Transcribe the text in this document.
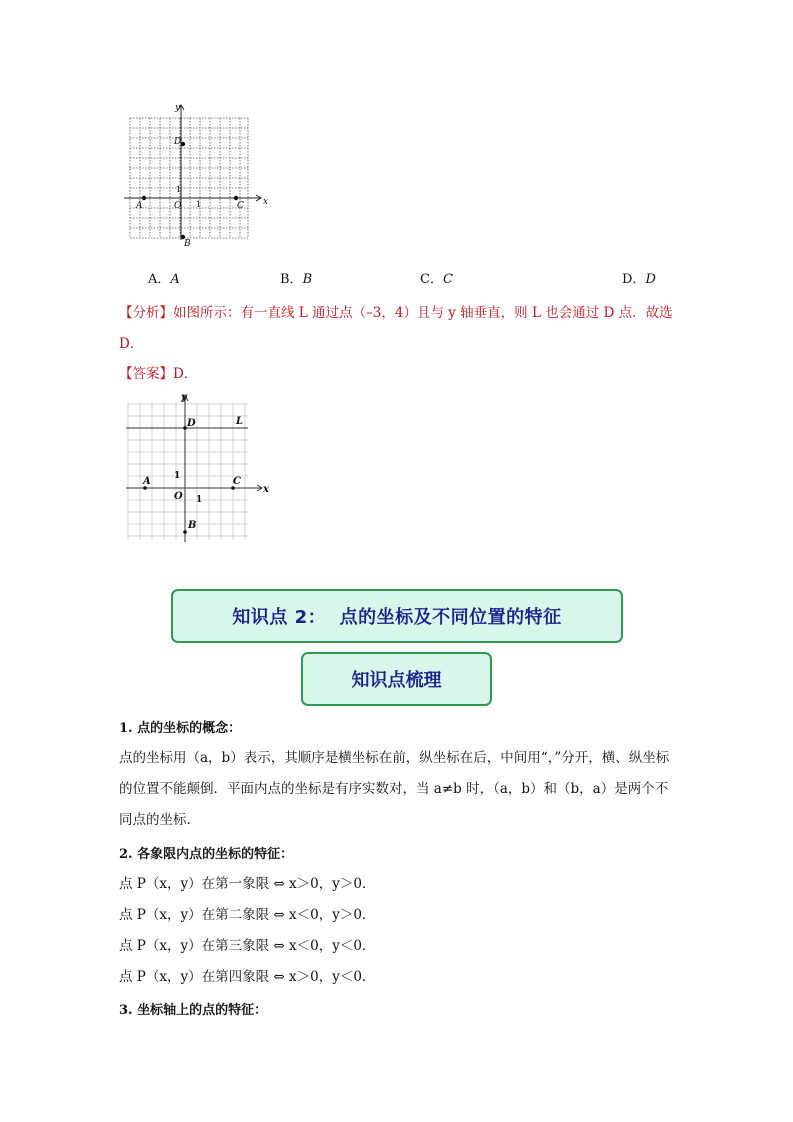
x
y
O
A
B
C
D
1
1
A．A	B．B	C．C	D．D
【分析】如图所示：有一直线 L 通过点（–3，4）且与 y 轴垂直，则 L 也会通过 D 点．故选 D．
【答案】D．
x
y
O
A
B
C
D	L
1
1
知识点 2：  点的坐标及不同位置的特征
知识点梳理
1. 点的坐标的概念：
点的坐标用（a，b）表示，其顺序是横坐标在前，纵坐标在后，中间用“，”分开，横、纵坐标的位置不能颠倒．平面内点的坐标是有序实数对，当 a≠b 时，（a，b）和（b，a）是两个不同点的坐标．
2. 各象限内点的坐标的特征：
点 P（x，y）在第一象限 ⇔ x＞0，y＞0．
点 P（x，y）在第二象限 ⇔ x＜0，y＞0．
点 P（x，y）在第三象限 ⇔ x＜0，y＜0．
点 P（x，y）在第四象限 ⇔ x＞0，y＜0．
3. 坐标轴上的点的特征：
